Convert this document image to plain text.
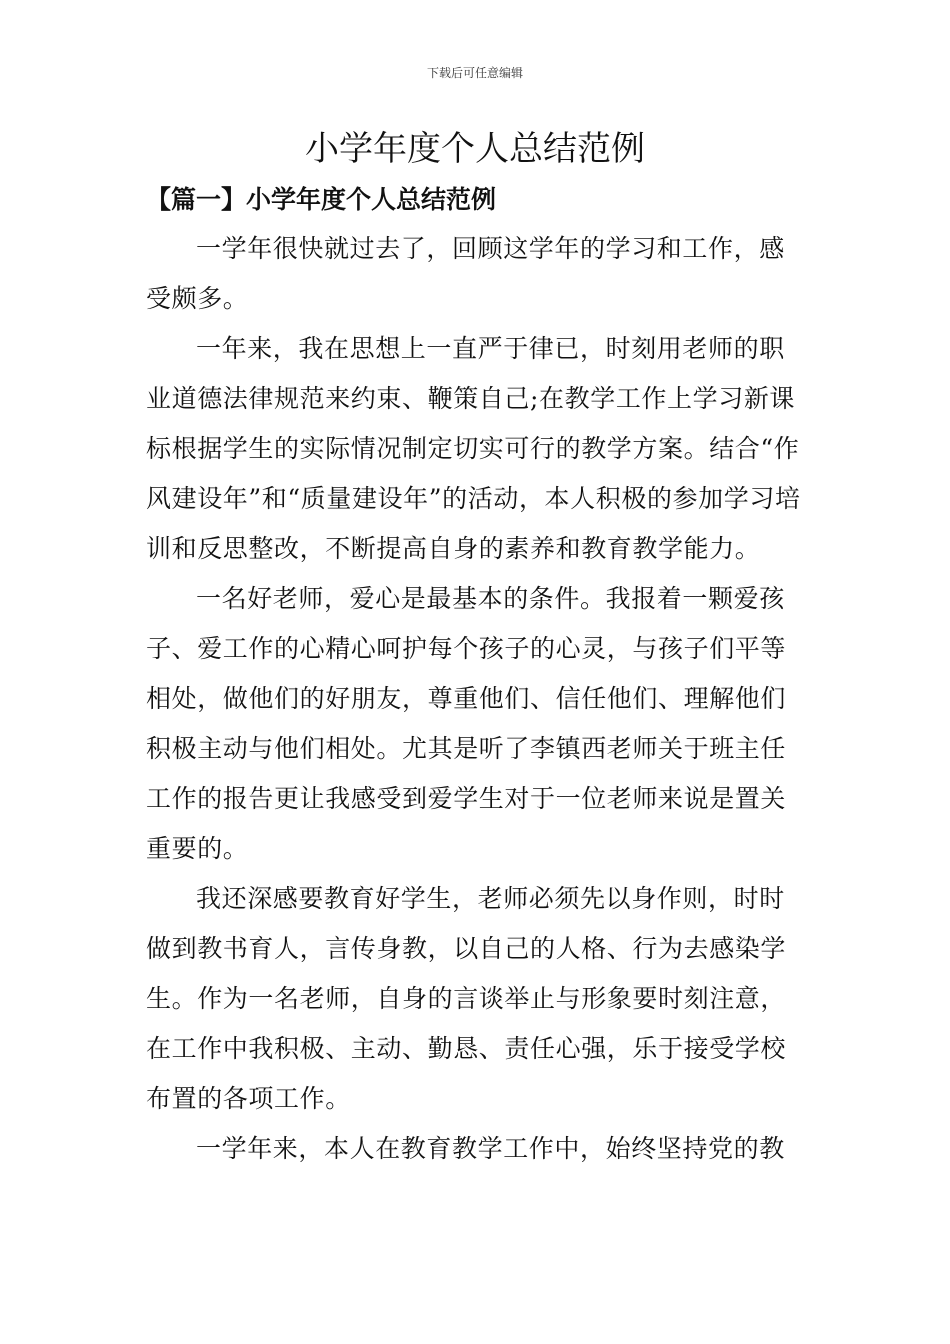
下载后可任意编辑
小学年度个人总结范例
【篇一】小学年度个人总结范例

一学年很快就过去了，回顾这学年的学习和工作，感受颇多。

一年来，我在思想上一直严于律已，时刻用老师的职业道德法律规范来约束、鞭策自己;在教学工作上学习新课标根据学生的实际情况制定切实可行的教学方案。结合“作风建设年”和“质量建设年”的活动，本人积极的参加学习培训和反思整改，不断提高自身的素养和教育教学能力。

一名好老师，爱心是最基本的条件。我报着一颗爱孩子、爱工作的心精心呵护每个孩子的心灵，与孩子们平等相处，做他们的好朋友，尊重他们、信任他们、理解他们积极主动与他们相处。尤其是听了李镇西老师关于班主任工作的报告更让我感受到爱学生对于一位老师来说是置关重要的。

我还深感要教育好学生，老师必须先以身作则，时时做到教书育人，言传身教，以自己的人格、行为去感染学生。作为一名老师，自身的言谈举止与形象要时刻注意，在工作中我积极、主动、勤恳、责任心强，乐于接受学校布置的各项工作。

一学年来，本人在教育教学工作中，始终坚持党的教
